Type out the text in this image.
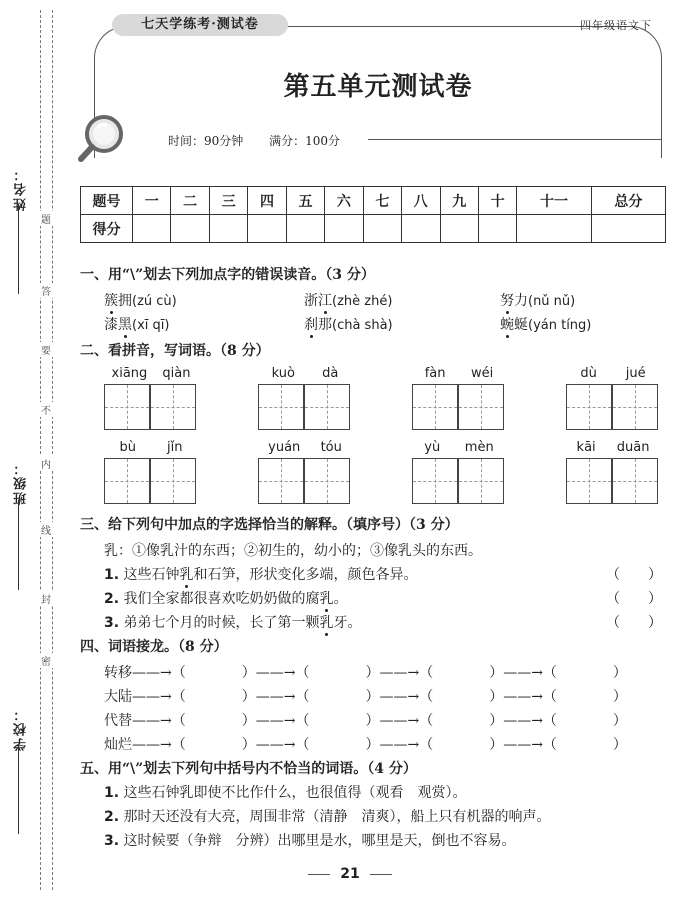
姓名：
班级：
学校：
密
封
线
内
不
要
答
题
七天学练考·测试卷	四年级语文下
第五单元测试卷
时间：90分钟 满分：100分
题号	一	二	三	四	五	六	七	八	九	十	十一	总分
得分												
一、用“\”划去下列加点字的错误读音。（3 分）
簇拥(zú cù)	浙江(zhè zhé)	努力(nǔ nǔ)
漆黑(xī qī)	刹那(chà shà)	蜿蜒(yán tíng)
二、看拼音，写词语。（8 分）
xiāng qiàn	kuò dà	fàn wéi	dù jué
bù jǐn	yuán tóu	yù mèn	kāi duān
三、给下列句中加点的字选择恰当的解释。（填序号）（3 分）
乳：①像乳汁的东西；②初生的，幼小的；③像乳头的东西。
1. 这些石钟乳和石笋，形状变化多端，颜色各异。	（　　）
2. 我们全家都很喜欢吃奶奶做的腐乳。	（　　）
3. 弟弟七个月的时候，长了第一颗乳牙。	（　　）
四、词语接龙。（8 分）
转移——→（　　　　）——→（　　　　）——→（　　　　）——→（　　　　）
大陆——→（　　　　）——→（　　　　）——→（　　　　）——→（　　　　）
代替——→（　　　　）——→（　　　　）——→（　　　　）——→（　　　　）
灿烂——→（　　　　）——→（　　　　）——→（　　　　）——→（　　　　）
五、用“\”划去下列句中括号内不恰当的词语。（4 分）
1. 这些石钟乳即使不比作什么，也很值得（观看　观赏）。
2. 那时天还没有大亮，周围非常（清静　清爽），船上只有机器的响声。
3. 这时候要（争辩　分辨）出哪里是水，哪里是天，倒也不容易。
21
